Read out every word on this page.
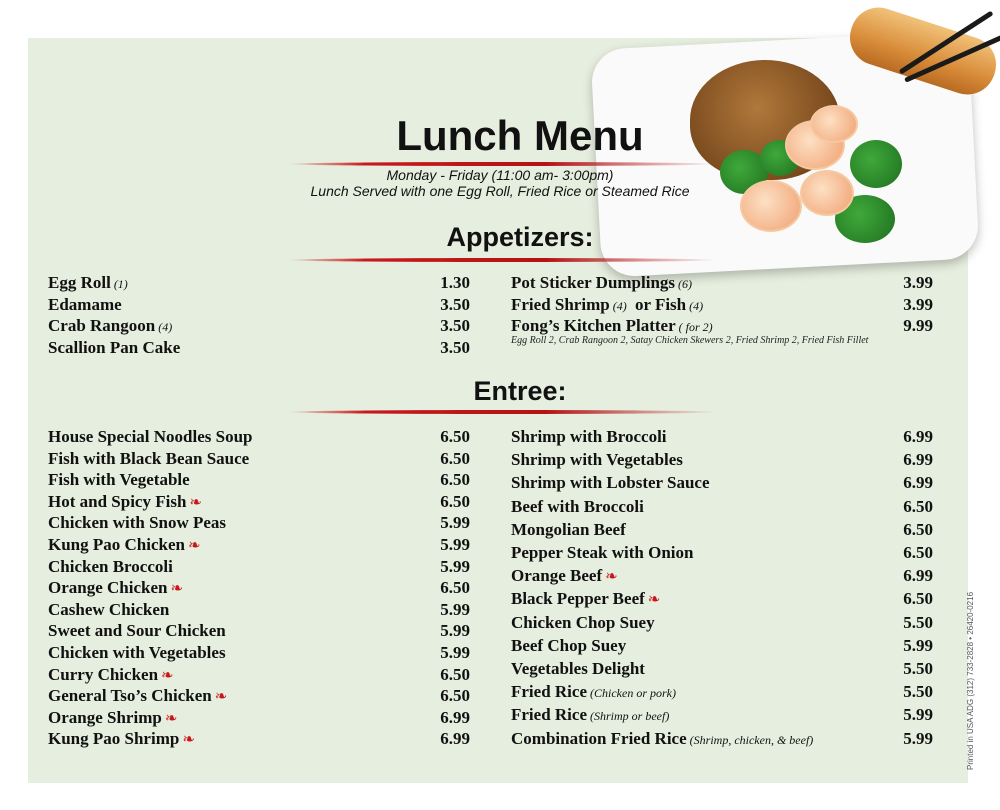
Lunch Menu
Monday - Friday (11:00 am- 3:00pm)
Lunch Served with one Egg Roll, Fried Rice or Steamed Rice
Appetizers:
Egg Roll (1)	1.30
Edamame	3.50
Crab Rangoon (4)	3.50
Scallion Pan Cake	3.50
Pot Sticker Dumplings (6)	3.99
Fried Shrimp (4) or Fish (4)	3.99
Fong’s Kitchen Platter ( for 2)	9.99
Egg Roll 2, Crab Rangoon 2, Satay Chicken Skewers 2, Fried Shrimp 2, Fried Fish Fillet
Entree:
House Special Noodles Soup	6.50
Fish with Black Bean Sauce	6.50
Fish with Vegetable	6.50
Hot and Spicy Fish ❧	6.50
Chicken with Snow Peas	5.99
Kung Pao Chicken ❧	5.99
Chicken Broccoli	5.99
Orange Chicken ❧	6.50
Cashew Chicken	5.99
Sweet and Sour Chicken	5.99
Chicken with Vegetables	5.99
Curry Chicken ❧	6.50
General Tso’s Chicken ❧	6.50
Orange Shrimp ❧	6.99
Kung Pao Shrimp ❧	6.99
Shrimp with Broccoli	6.99
Shrimp with Vegetables	6.99
Shrimp with Lobster Sauce	6.99
Beef with Broccoli	6.50
Mongolian Beef	6.50
Pepper Steak with Onion	6.50
Orange Beef ❧	6.99
Black Pepper Beef ❧	6.50
Chicken Chop Suey	5.50
Beef Chop Suey	5.99
Vegetables Delight	5.50
Fried Rice (Chicken or pork)	5.50
Fried Rice (Shrimp or beef)	5.99
Combination Fried Rice (Shrimp, chicken, & beef)	5.99	Printed in USA ADG (312) 733-2828 • 26420-0216
